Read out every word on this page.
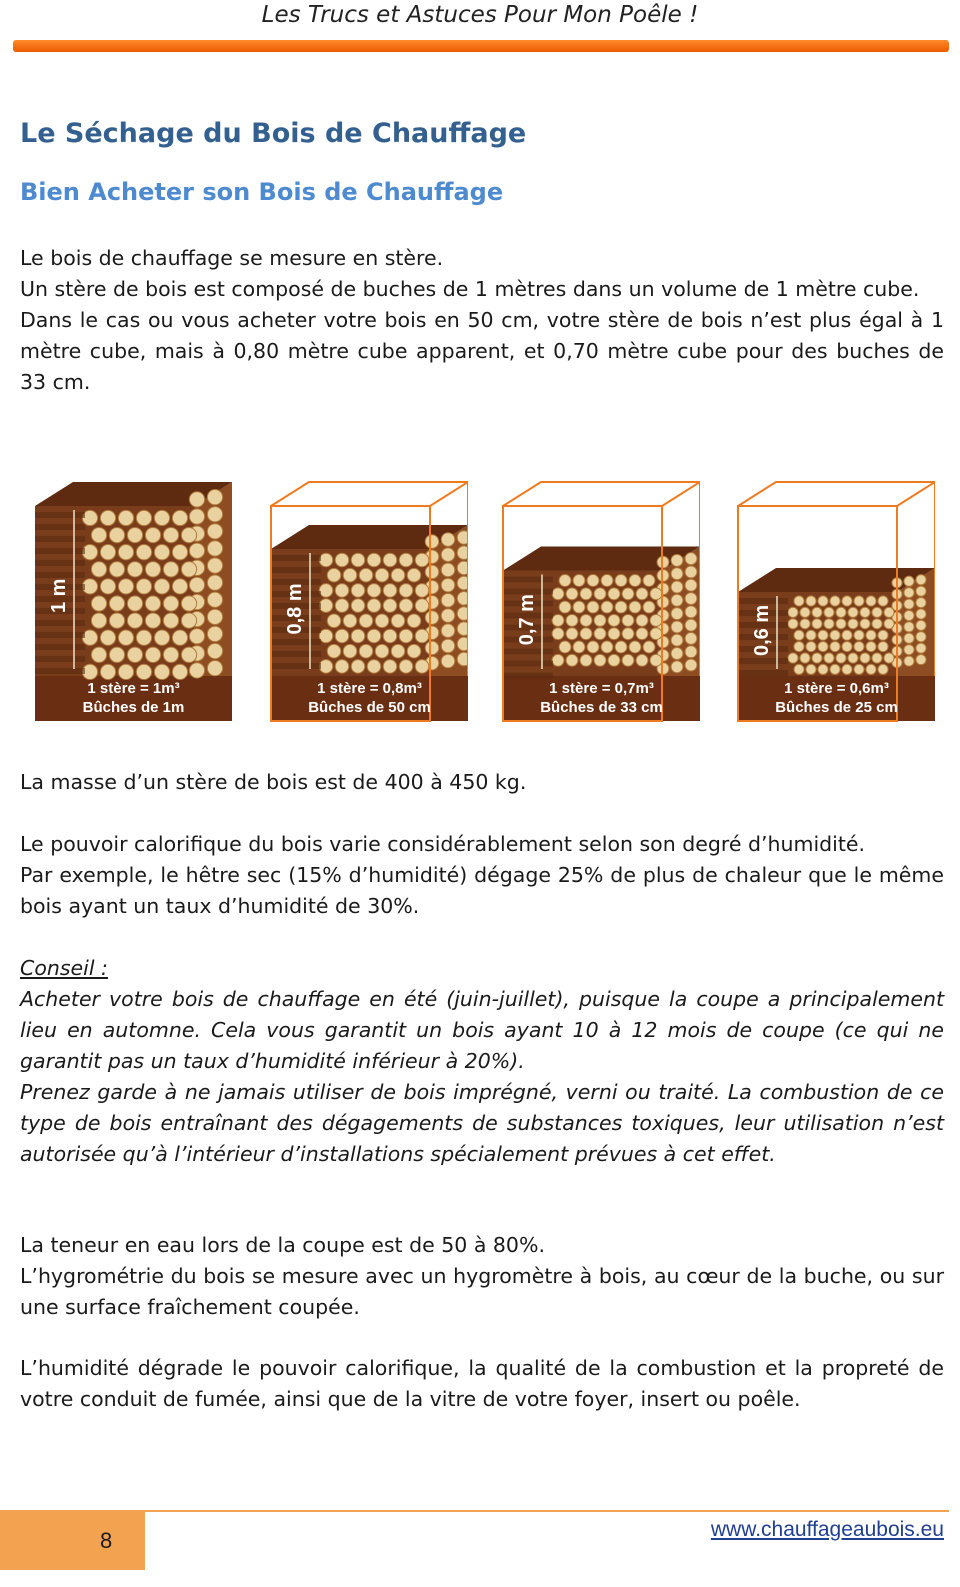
Les Trucs et Astuces Pour Mon Poêle !
Le Séchage du Bois de Chauffage
Bien Acheter son Bois de Chauffage

Le bois de chauffage se mesure en stère.

Un stère de bois est composé de buches de 1 mètres dans un volume de 1 mètre cube.

Dans le cas ou vous acheter votre bois en 50 cm, votre stère de bois n’est plus égal à 1 mètre cube, mais à 0,80 mètre cube apparent, et 0,70 mètre cube pour des buches de 33 cm.

1 m
1 stère = 1m³
Bûches de 1m
0,8 m
1 stère = 0,8m³
Bûches de 50 cm
0,7 m
1 stère = 0,7m³
Bûches de 33 cm
0,6 m
1 stère = 0,6m³
Bûches de 25 cm

La masse d’un stère de bois est de 400 à 450 kg.

Le pouvoir calorifique du bois varie considérablement selon son degré d’humidité.

Par exemple, le hêtre sec (15% d’humidité) dégage 25% de plus de chaleur que le même bois ayant un taux d’humidité de 30%.

Conseil :

Acheter votre bois de chauffage en été (juin-juillet), puisque la coupe a principalement lieu en automne. Cela vous garantit un bois ayant 10 à 12 mois de coupe (ce qui ne garantit pas un taux d’humidité inférieur à 20%).

Prenez garde à ne jamais utiliser de bois imprégné, verni ou traité. La combustion de ce type de bois entraînant des dégagements de substances toxiques, leur utilisation n’est autorisée qu’à l’intérieur d’installations spécialement prévues à cet effet.

La teneur en eau lors de la coupe est de 50 à 80%.

L’hygrométrie du bois se mesure avec un hygromètre à bois, au cœur de la buche, ou sur une surface fraîchement coupée.

L’humidité dégrade le pouvoir calorifique, la qualité de la combustion et la propreté de votre conduit de fumée, ainsi que de la vitre de votre foyer, insert ou poêle.

8	www.chauffageaubois.eu
